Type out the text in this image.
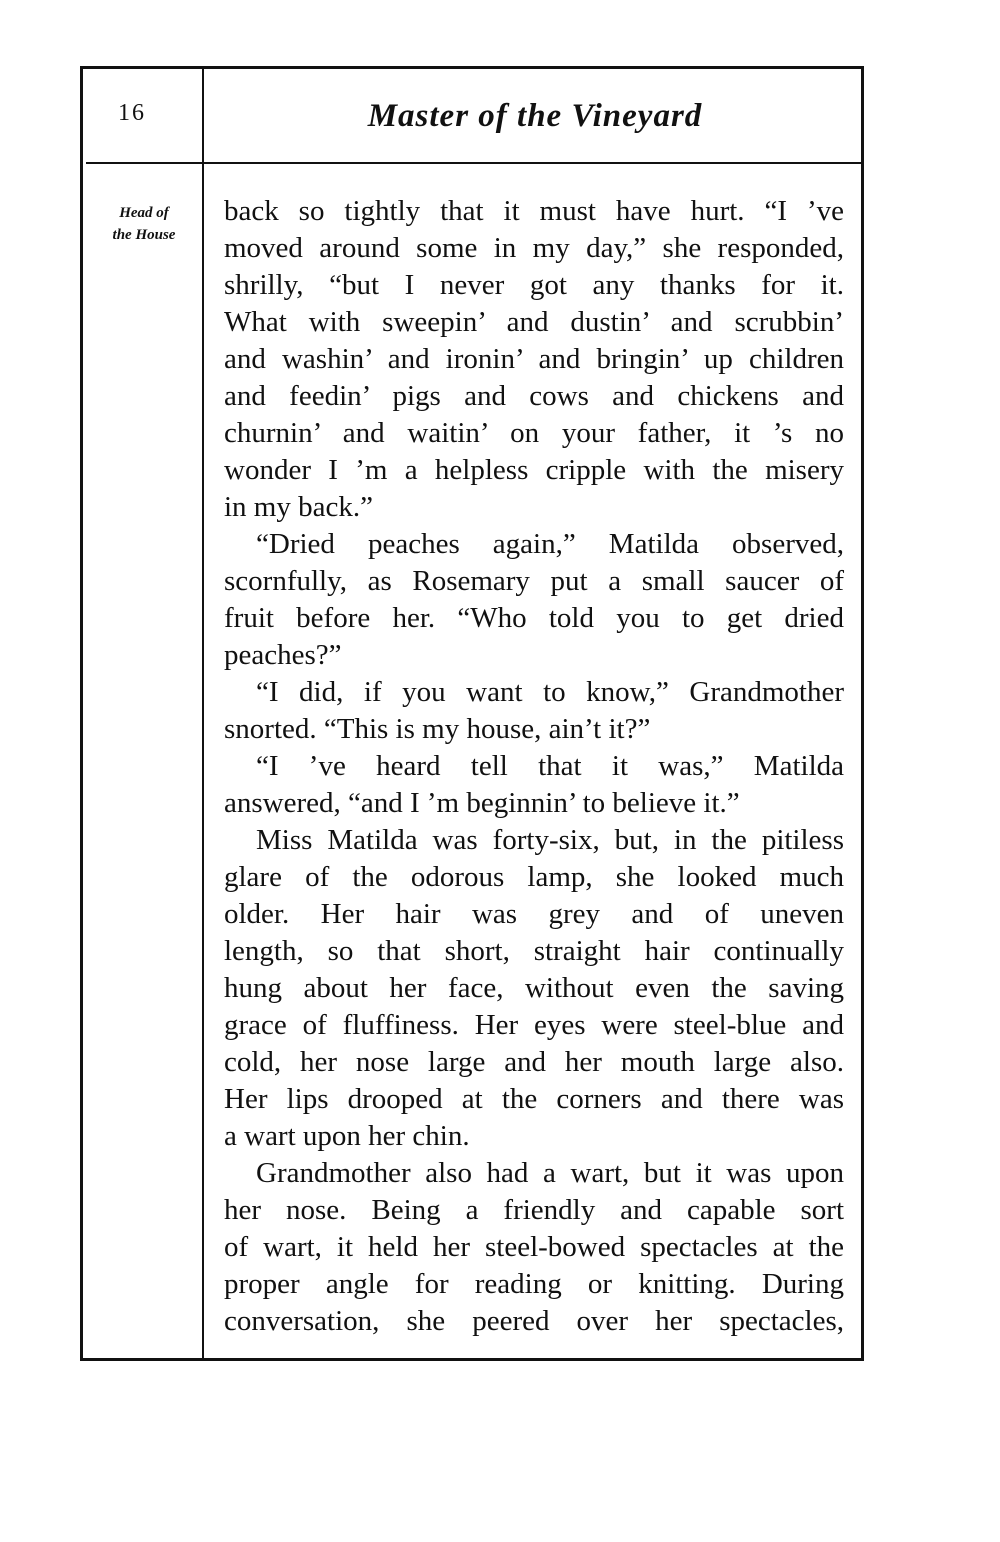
16	Master of the Vineyard
Head of
the House
back so tightly that it must have hurt. “I ’ve
moved around some in my day,” she responded,
shrilly, “but I never got any thanks for it.
What with sweepin’ and dustin’ and scrubbin’
and washin’ and ironin’ and bringin’ up children
and feedin’ pigs and cows and chickens and
churnin’ and waitin’ on your father, it ’s no
wonder I ’m a helpless cripple with the misery
in my back.”
“Dried peaches again,” Matilda observed,
scornfully, as Rosemary put a small saucer of
fruit before her. “Who told you to get dried
peaches?”
“I did, if you want to know,” Grandmother
snorted. “This is my house, ain’t it?”
“I ’ve heard tell that it was,” Matilda
answered, “and I ’m beginnin’ to believe it.”
Miss Matilda was forty-six, but, in the pitiless
glare of the odorous lamp, she looked much
older. Her hair was grey and of uneven
length, so that short, straight hair continually
hung about her face, without even the saving
grace of fluffiness. Her eyes were steel-blue and
cold, her nose large and her mouth large also.
Her lips drooped at the corners and there was
a wart upon her chin.
Grandmother also had a wart, but it was upon
her nose. Being a friendly and capable sort
of wart, it held her steel-bowed spectacles at the
proper angle for reading or knitting. During
conversation, she peered over her spectacles,
